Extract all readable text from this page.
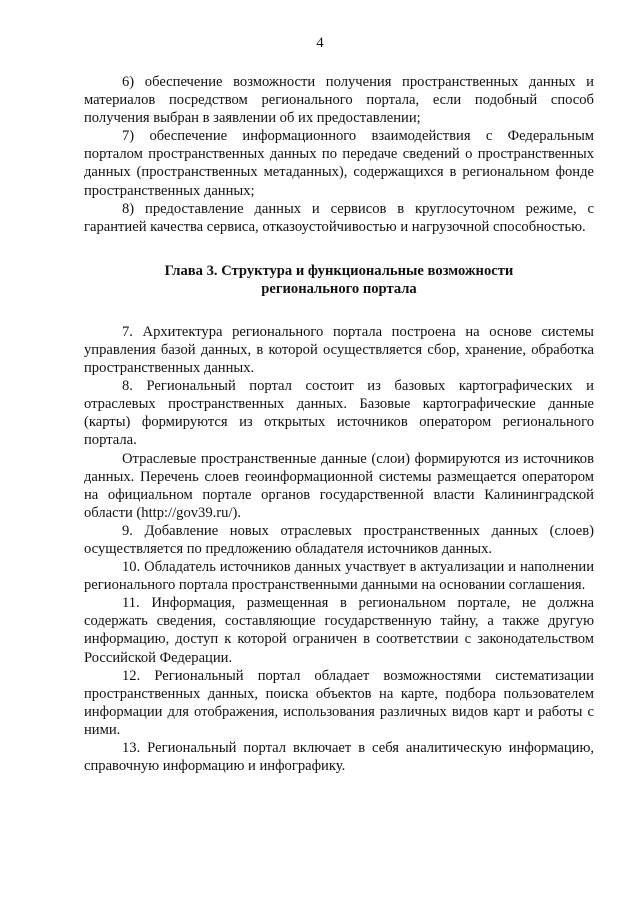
4

6) обеспечение возможности получения пространственных данных и материалов посредством регионального портала, если подобный способ получения выбран в заявлении об их предоставлении;

7) обеспечение информационного взаимодействия с Федеральным порталом пространственных данных по передаче сведений о пространственных данных (пространственных метаданных), содержащихся в региональном фонде пространственных данных;

8) предоставление данных и сервисов в круглосуточном режиме, с гарантией качества сервиса, отказоустойчивостью и нагрузочной способностью.

Глава 3. Структура и функциональные возможности
регионального портала

7. Архитектура регионального портала построена на основе системы управления базой данных, в которой осуществляется сбор, хранение, обработка пространственных данных.

8. Региональный портал состоит из базовых картографических и отраслевых пространственных данных. Базовые картографические данные (карты) формируются из открытых источников оператором регионального портала.

Отраслевые пространственные данные (слои) формируются из источников данных. Перечень слоев геоинформационной системы размещается оператором на официальном портале органов государственной власти Калининградской области (http://gov39.ru/).

9. Добавление новых отраслевых пространственных данных (слоев) осуществляется по предложению обладателя источников данных.

10. Обладатель источников данных участвует в актуализации и наполнении регионального портала пространственными данными на основании соглашения.

11. Информация, размещенная в региональном портале, не должна содержать сведения, составляющие государственную тайну, а также другую информацию, доступ к которой ограничен в соответствии с законодательством Российской Федерации.

12. Региональный портал обладает возможностями систематизации пространственных данных, поиска объектов на карте, подбора пользователем информации для отображения, использования различных видов карт и работы с ними.

13. Региональный портал включает в себя аналитическую информацию, справочную информацию и инфографику.
